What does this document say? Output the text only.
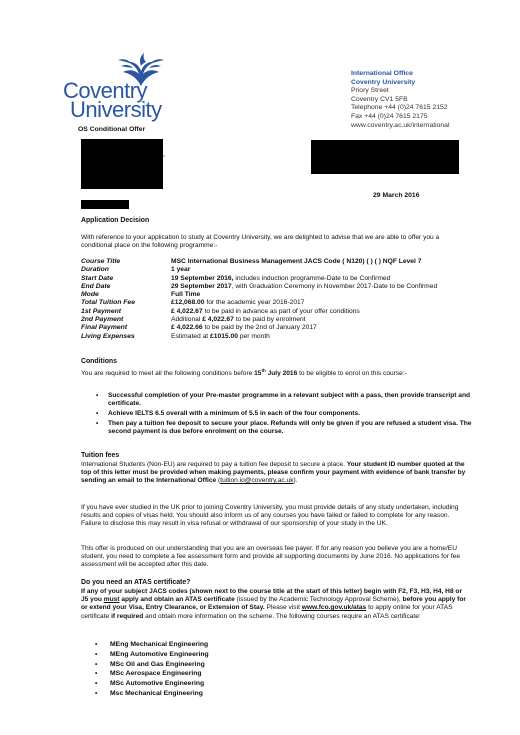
Coventry
University
OS Conditional Offer
International Office
Coventry University
Priory Street
Coventry CV1 5FB
Telephone +44 (0)24 7615 2152
Fax +44 (0)24 7615 2175
www.coventry.ac.uk/international
,
29 March 2016
Application Decision
With reference to your application to study at Coventry University, we are delighted to advise that we are able to offer you a conditional place on the following programme:-
Course Title	MSC International Business Management JACS Code ( N120) ( ) ( ) NQF Level 7
Duration	1 year
Start Date	19 September 2016, includes induction programme-Date to be Confirmed
End Date	29 September 2017, with Graduation Ceremony in November 2017-Date to be Confirmed
Mode	Full Time
Total Tuition Fee	£12,068.00 for the academic year 2016-2017
1st Payment	£ 4,022.67 to be paid in advance as part of your offer conditions
2nd Payment	Additional £ 4,022.67 to be paid by enrolment
Final Payment	£ 4,022.66 to be paid by the 2nd of January 2017
Living Expenses	Estimated at £1015.00 per month
Conditions
You are required to meet all the following conditions before 15th July 2016 to be eligible to enrol on this course:-
•	Successful completion of your Pre-master programme in a relevant subject with a pass, then provide transcript and certificate.
•	Achieve IELTS 6.5 overall with a minimum of 5.5 in each of the four components.
•	Then pay a tuition fee deposit to secure your place. Refunds will only be given if you are refused a student visa. The second payment is due before enrolment on the course.
Tuition fees
International Students (Non-EU) are required to pay a tuition fee deposit to secure a place. Your student ID number quoted at the top of this letter must be provided when making payments, please confirm your payment with evidence of bank transfer by sending an email to the International Office (tuition.io@coventry.ac.uk).
If you have ever studied in the UK prior to joining Coventry University, you must provide details of any study undertaken, including results and copies of visas held. You should also inform us of any courses you have failed or failed to complete for any reason. Failure to disclose this may result in visa refusal or withdrawal of our sponsorship of your study in the UK.
This offer is produced on our understanding that you are an overseas fee payer. If for any reason you believe you are a home/EU student, you need to complete a fee assessment form and provide all supporting documents by June 2016. No applications for fee assessment will be accepted after this date.
Do you need an ATAS certificate?
If any of your subject JACS codes (shown next to the course title at the start of this letter) begin with F2, F3, H3, H4, H8 or J5 you must apply and obtain an ATAS certificate (issued by the Academic Technology Approval Scheme), before you apply for or extend your Visa, Entry Clearance, or Extension of Stay. Please visit www.fco.gov.uk/atas to apply online for your ATAS certificate if required and obtain more information on the scheme. The following courses require an ATAS certificate:
•	MEng Mechanical Engineering
•	MEng Automotive Engineering
•	MSc Oil and Gas Engineering
•	MSc Aerospace Engineering
•	MSc Automotive Engineering
•	Msc Mechanical Engineering
